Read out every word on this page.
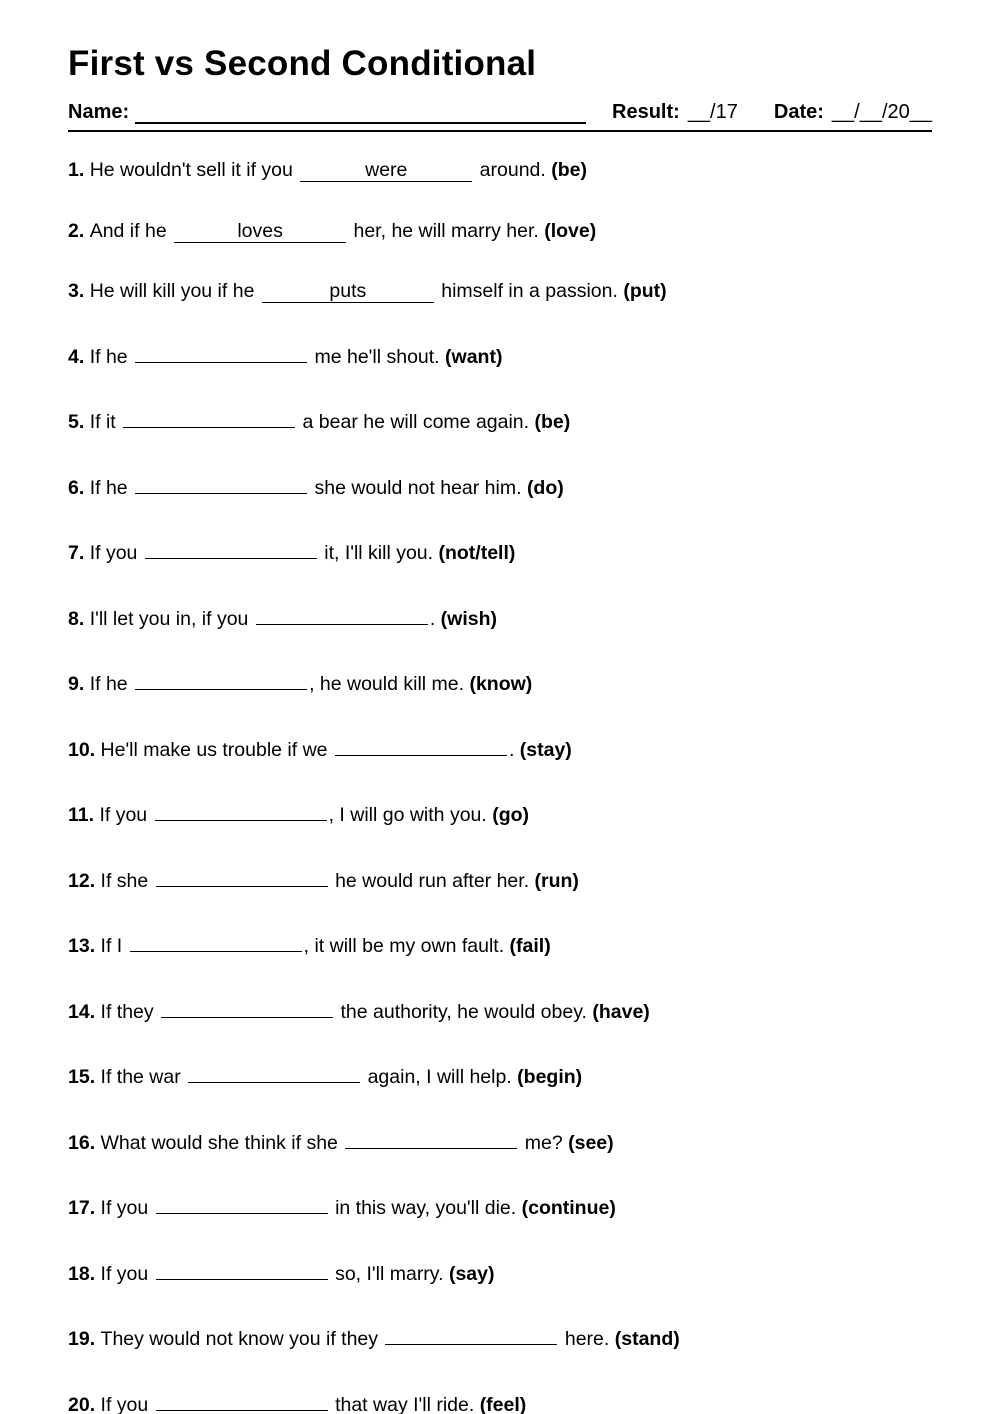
First vs Second Conditional
Name:	Result: __/17 Date: __/__/20__
1. He wouldn't sell it if you	were	around. (be)
2. And if he	loves	her, he will marry her. (love)
3. He will kill you if he	puts	himself in a passion. (put)
4. If he	me he'll shout. (want)
5. If it	a bear he will come again. (be)
6. If he	she would not hear him. (do)
7. If you	it, I'll kill you. (not/tell)
8. I'll let you in, if you	. (wish)
9. If he	, he would kill me. (know)
10. He'll make us trouble if we	. (stay)
11. If you	, I will go with you. (go)
12. If she	he would run after her. (run)
13. If I	, it will be my own fault. (fail)
14. If they	the authority, he would obey. (have)
15. If the war	again, I will help. (begin)
16. What would she think if she	me? (see)
17. If you	in this way, you'll die. (continue)
18. If you	so, I'll marry. (say)
19. They would not know you if they	here. (stand)
20. If you	that way I'll ride. (feel)
